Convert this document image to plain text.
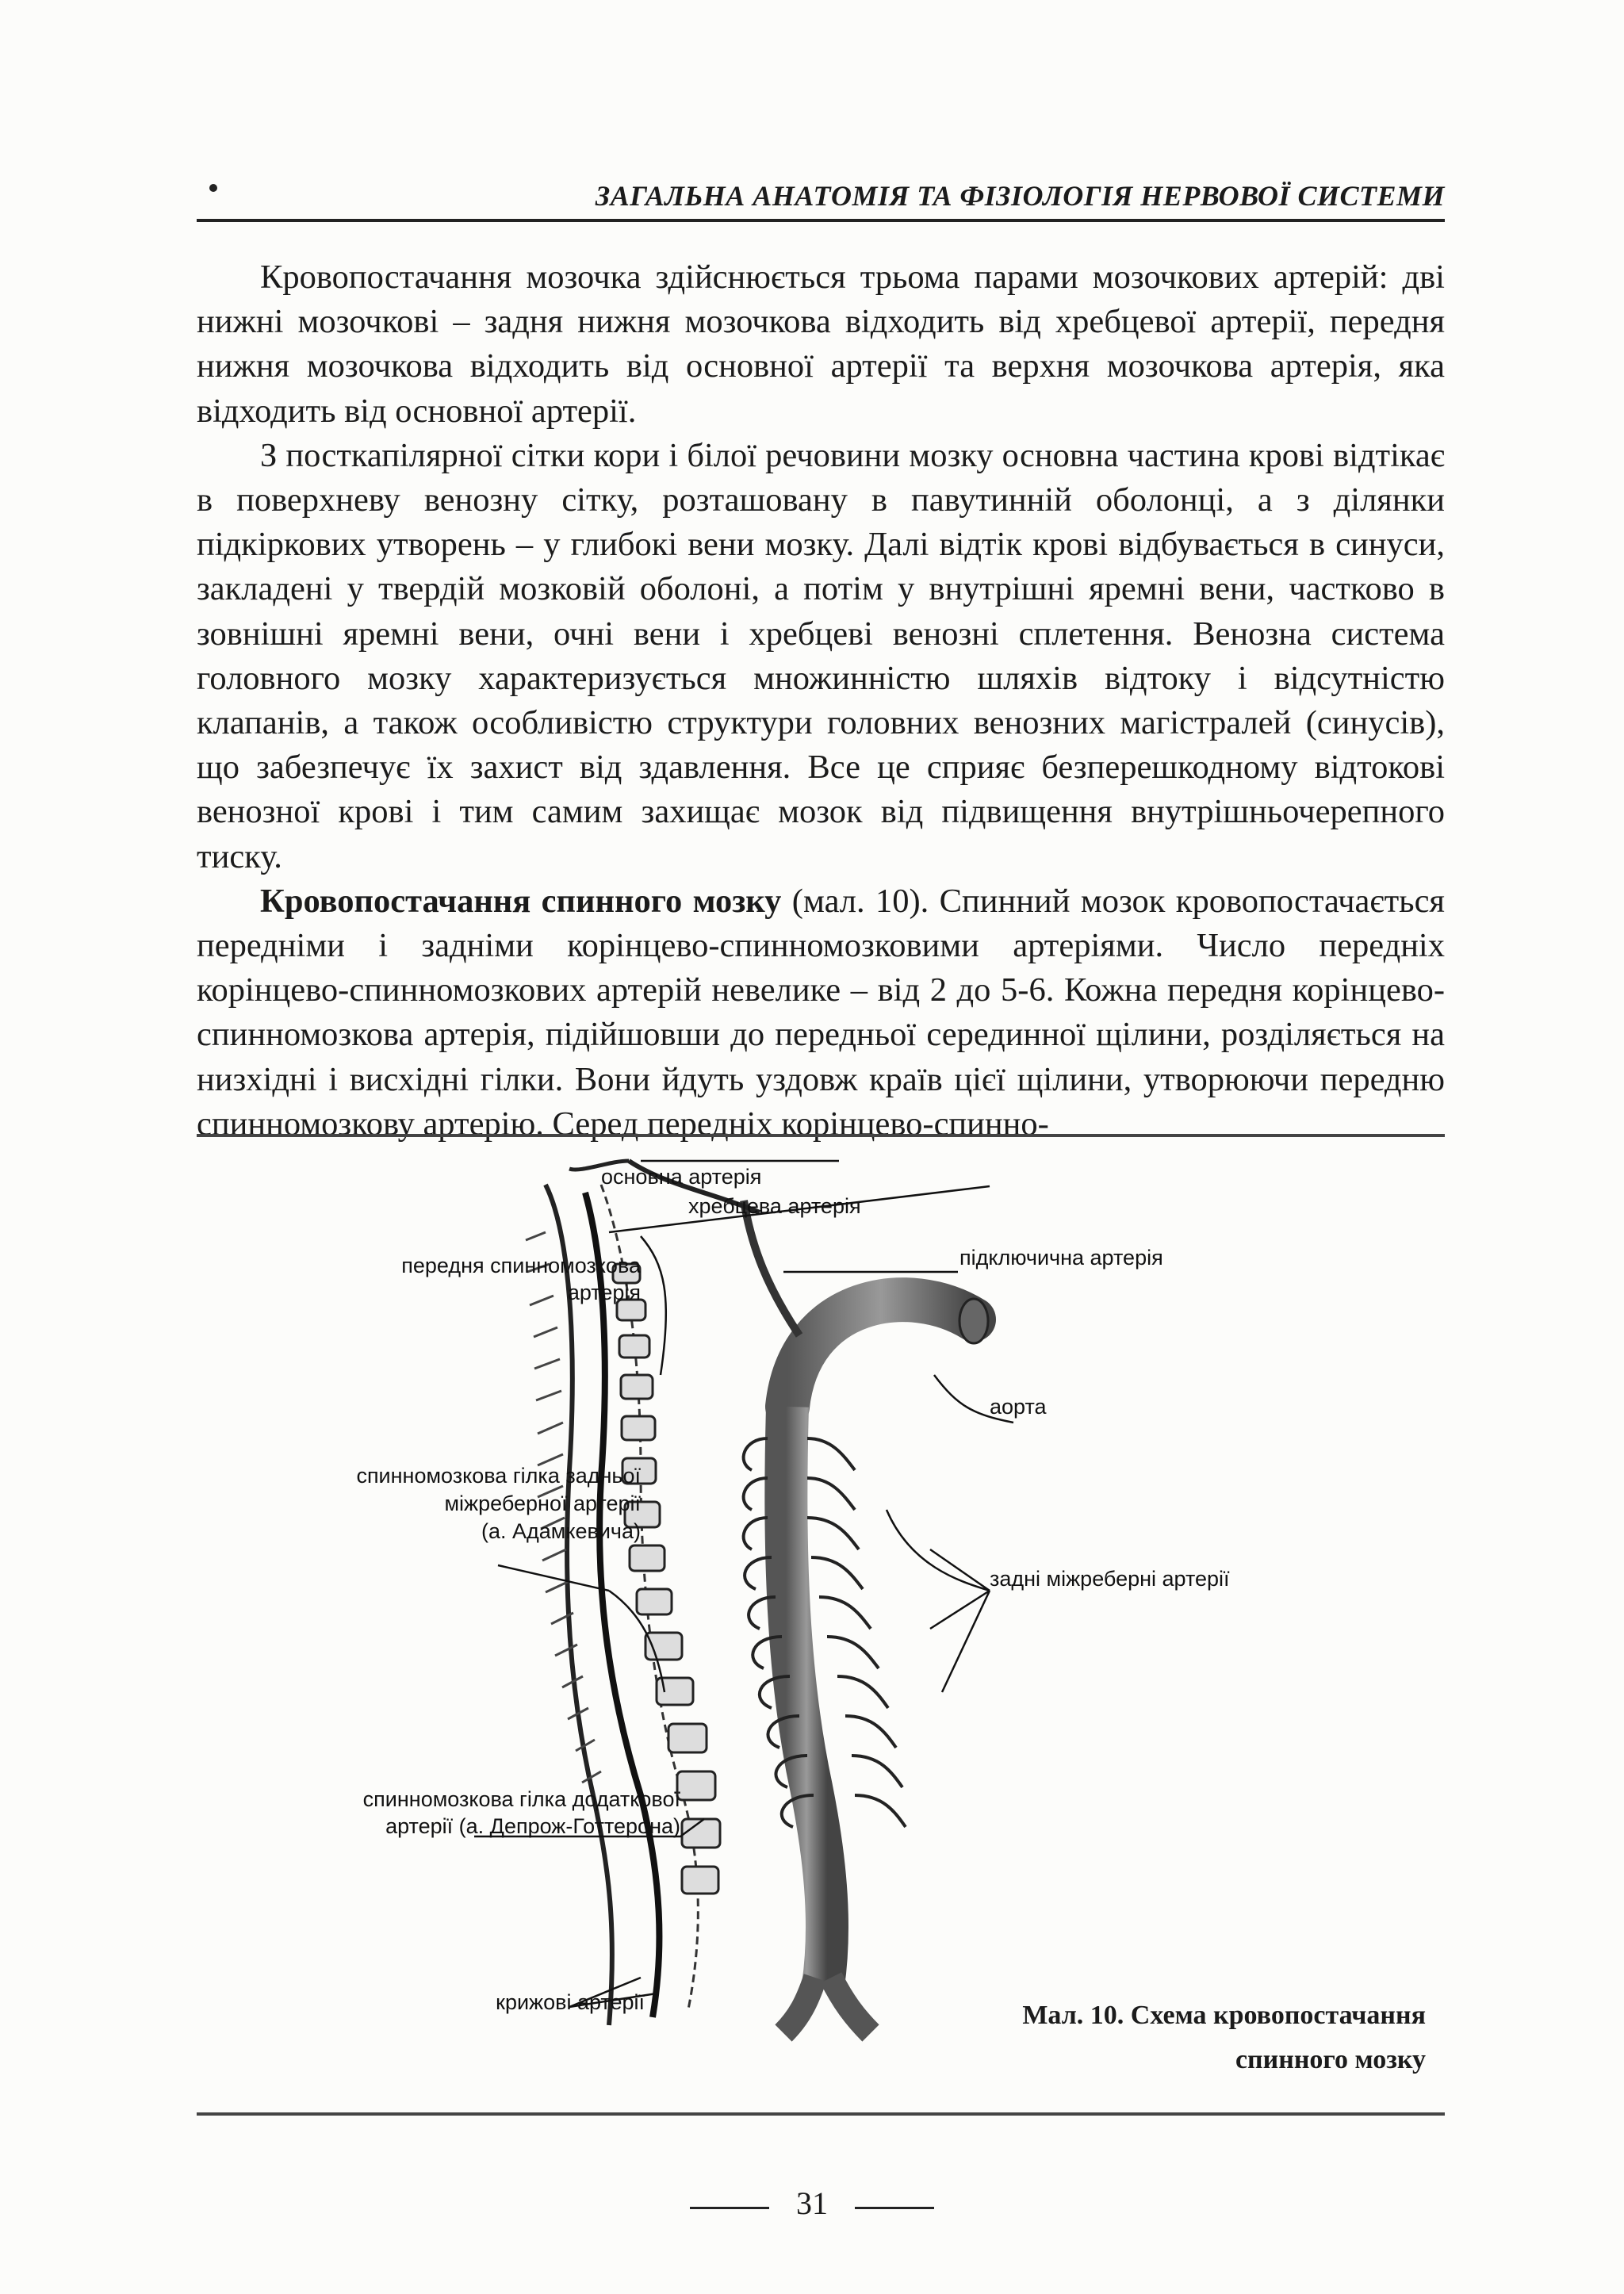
ЗАГАЛЬНА АНАТОМІЯ ТА ФІЗІОЛОГІЯ НЕРВОВОЇ СИСТЕМИ

Кровопостачання мозочка здійснюється трьома парами мозочкових артерій: дві нижні мозочкові – задня нижня мозочкова відходить від хребцевої артерії, передня нижня мозочкова відходить від основної артерії та верхня мозочкова артерія, яка відходить від основної артерії.

З посткапілярної сітки кори і білої речовини мозку основна частина крові відтікає в поверхневу венозну сітку, розташовану в павутинній оболонці, а з ділянки підкіркових утворень – у глибокі вени мозку. Далі відтік крові відбувається в синуси, закладені у твердій мозковій оболоні, а потім у внутрішні яремні вени, частково в зовнішні яремні вени, очні вени і хребцеві венозні сплетення. Венозна система головного мозку характеризується множинністю шляхів відтоку і відсутністю клапанів, а також особливістю структури головних венозних магістралей (синусів), що забезпечує їх захист від здавлення. Все це сприяє безперешкодному відтокові венозної крові і тим самим захищає мозок від підвищення внутрішньочерепного тиску.

Кровопостачання спинного мозку (мал. 10). Спинний мозок кровопостачається передніми і задніми корінцево-спинномозковими артеріями. Число передніх корінцево-спинномозкових артерій невелике – від 2 до 5-6. Кожна передня корінцево-спинномозкова артерія, підійшовши до передньої серединної щілини, розділяється на низхідні і висхідні гілки. Вони йдуть уздовж країв цієї щілини, утворюючи передню спинномозкову артерію. Серед передніх корінцево-спинно-

основна артерія
хребцева артерія
підключична артерія
передня спинномозкова
артерія
аорта
спинномозкова гілка задньої
міжреберної артерії
(а. Адамкевича)
задні міжреберні артерії
спинномозкова гілка додаткової
артерії (а. Депрож-Готтерона)
крижові артерії	Мал. 10. Схема кровопостачання
спинного мозку
31
